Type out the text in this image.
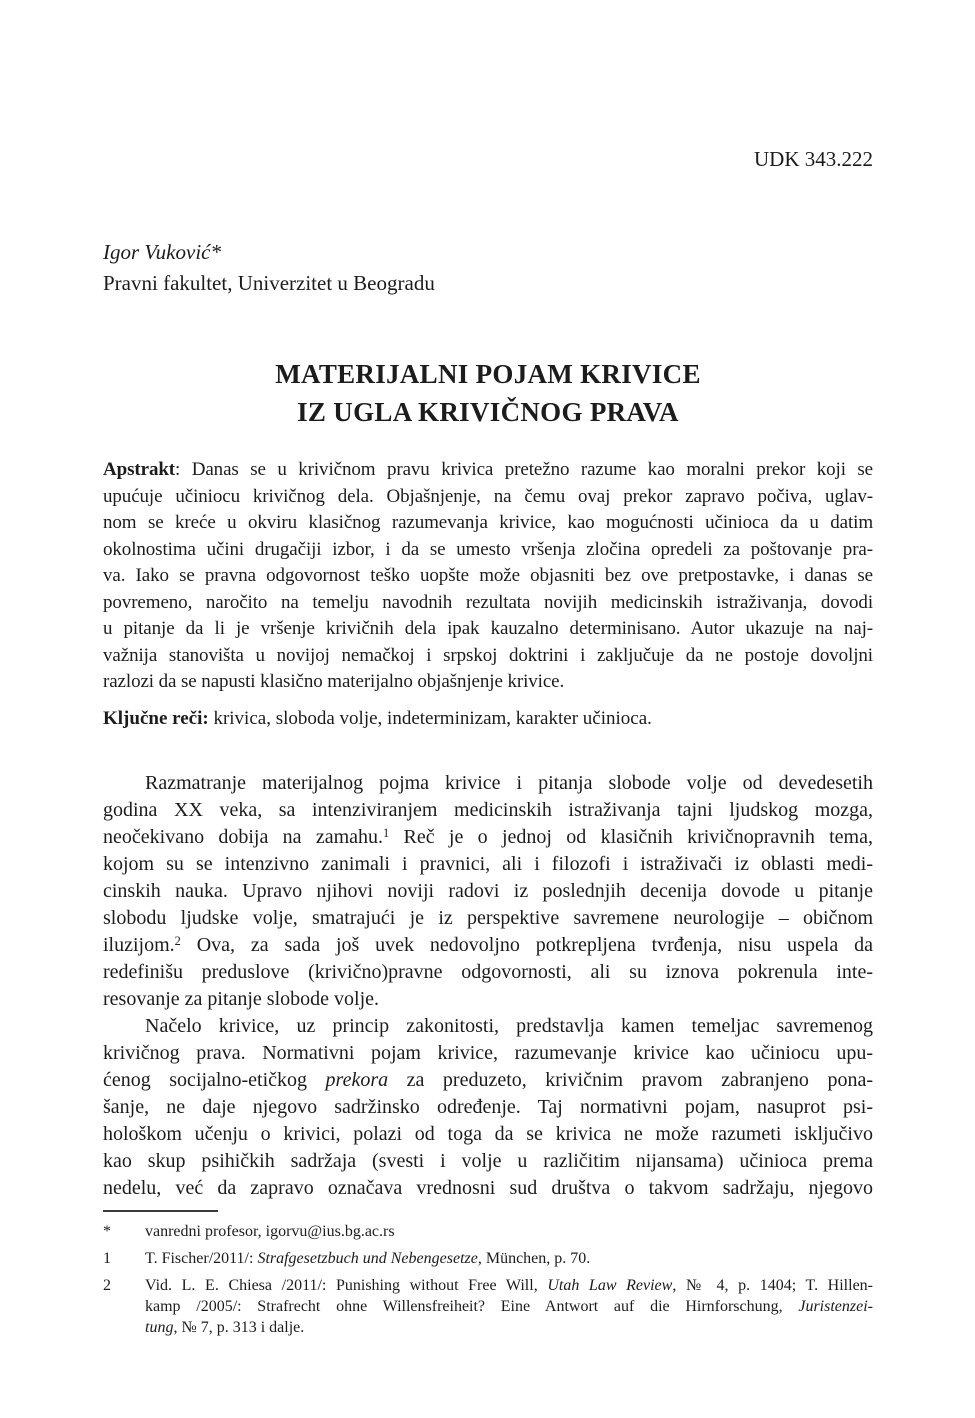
UDK 343.222
Igor Vuković*
Pravni fakultet, Univerzitet u Beogradu
MATERIJALNI POJAM KRIVICE
IZ UGLA KRIVIČNOG PRAVA
Apstrakt: Danas se u krivičnom pravu krivica pretežno razume kao moralni prekor koji se
upućuje učiniocu krivičnog dela. Objašnjenje, na čemu ovaj prekor zapravo počiva, uglav-
nom se kreće u okviru klasičnog razumevanja krivice, kao mogućnosti učinioca da u datim
okolnostima učini drugačiji izbor, i da se umesto vršenja zločina opredeli za poštovanje pra-
va. Iako se pravna odgovornost teško uopšte može objasniti bez ove pretpostavke, i danas se
povremeno, naročito na temelju navodnih rezultata novijih medicinskih istraživanja, dovodi
u pitanje da li je vršenje krivičnih dela ipak kauzalno determinisano. Autor ukazuje na naj-
važnija stanovišta u novijoj nemačkoj i srpskoj doktrini i zaključuje da ne postoje dovoljni
razlozi da se napusti klasično materijalno objašnjenje krivice.
Ključne reči: krivica, sloboda volje, indeterminizam, karakter učinioca.
Razmatranje materijalnog pojma krivice i pitanja slobode volje od devedesetih
godina XX veka, sa intenziviranjem medicinskih istraživanja tajni ljudskog mozga,
neočekivano dobija na zamahu.$^1$ Reč je o jednoj od klasičnih krivičnopravnih tema,
kojom su se intenzivno zanimali i pravnici, ali i filozofi i istraživači iz oblasti medi-
cinskih nauka. Upravo njihovi noviji radovi iz poslednjih decenija dovode u pitanje
slobodu ljudske volje, smatrajući je iz perspektive savremene neurologije – običnom
iluzijom.$^2$ Ova, za sada još uvek nedovoljno potkrepljena tvrđenja, nisu uspela da
redefinišu preduslove (krivično)pravne odgovornosti, ali su iznova pokrenula inte-
resovanje za pitanje slobode volje.
Načelo krivice, uz princip zakonitosti, predstavlja kamen temeljac savremenog
krivičnog prava. Normativni pojam krivice, razumevanje krivice kao učiniocu upu-
ćenog socijalno-etičkog prekora za preduzeto, krivičnim pravom zabranjeno pona-
šanje, ne daje njegovo sadržinsko određenje. Taj normativni pojam, nasuprot psi-
hološkom učenju o krivici, polazi od toga da se krivica ne može razumeti isključivo
kao skup psihičkih sadržaja (svesti i volje u različitim nijansama) učinioca prema
nedelu, već da zapravo označava vrednosni sud društva o takvom sadržaju, njegovo
*	vanredni profesor, igorvu@ius.bg.ac.rs
1	T. Fischer/2011/: Strafgesetzbuch und Nebengesetze, München, p. 70.
2	Vid. L. E. Chiesa /2011/: Punishing without Free Will, Utah Law Review, № 4, p. 1404; T. Hillen-
kamp /2005/: Strafrecht ohne Willensfreiheit? Eine Antwort auf die Hirnforschung, Juristenzei-
tung, № 7, p. 313 i dalje.
